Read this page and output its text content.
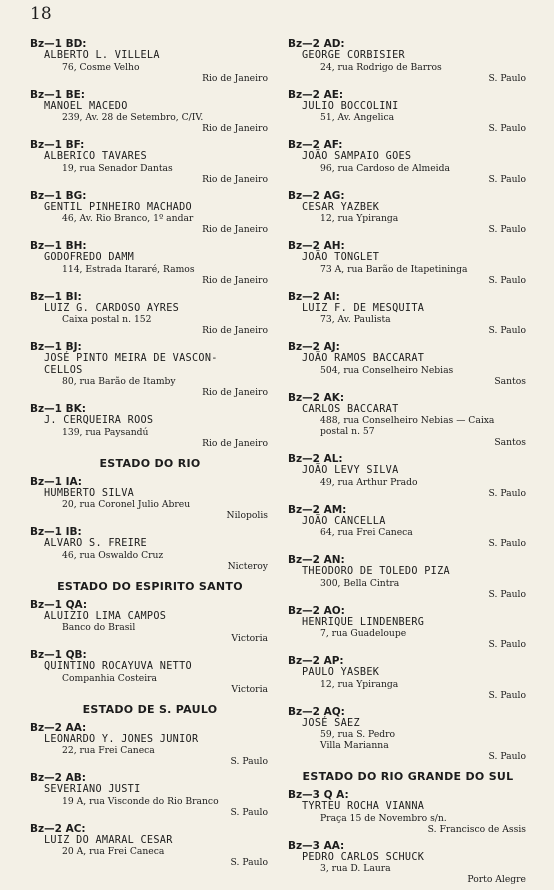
18
Bz—1 BD:
ALBERTO L. VILLELA
76, Cosme Velho
Rio de Janeiro
Bz—1 BE:
MANOEL MACEDO
239, Av. 28 de Setembro, C/IV.
Rio de Janeiro
Bz—1 BF:
ALBERICO TAVARES
19, rua Senador Dantas
Rio de Janeiro
Bz—1 BG:
GENTIL PINHEIRO MACHADO
46, Av. Rio Branco, 1º andar
Rio de Janeiro
Bz—1 BH:
GODOFREDO DAMM
114, Estrada Itararé, Ramos
Rio de Janeiro
Bz—1 BI:
LUIZ G. CARDOSO AYRES
Caixa postal n. 152
Rio de Janeiro
Bz—1 BJ:
JOSÉ PINTO MEIRA DE VASCON-
CELLOS
80, rua Barão de Itamby
Rio de Janeiro
Bz—1 BK:
J. CERQUEIRA ROOS
139, rua Paysandú
Rio de Janeiro
ESTADO DO RIO
Bz—1 IA:
HUMBERTO SILVA
20, rua Coronel Julio Abreu
Nilopolis
Bz—1 IB:
ALVARO S. FREIRE
46, rua Oswaldo Cruz
Nicteroy
ESTADO DO ESPIRITO SANTO
Bz—1 QA:
ALUIZIO LIMA CAMPOS
Banco do Brasil
Victoria
Bz—1 QB:
QUINTINO ROCAYUVA NETTO
Companhia Costeira
Victoria
ESTADO DE S. PAULO
Bz—2 AA:
LEONARDO Y. JONES JUNIOR
22, rua Frei Caneca
S. Paulo
Bz—2 AB:
SEVERIANO JUSTI
19 A, rua Visconde do Rio Branco
S. Paulo
Bz—2 AC:
LUIZ DO AMARAL CESAR
20 A, rua Frei Caneca
S. Paulo
Bz—2 AD:
GEORGE CORBISIER
24, rua Rodrigo de Barros
S. Paulo
Bz—2 AE:
JULIO BOCCOLINI
51, Av. Angelica
S. Paulo
Bz—2 AF:
JOÃO SAMPAIO GOES
96, rua Cardoso de Almeida
S. Paulo
Bz—2 AG:
CESAR YAZBEK
12, rua Ypiranga
S. Paulo
Bz—2 AH:
JOÃO TONGLET
73 A, rua Barão de Itapetininga
S. Paulo
Bz—2 AI:
LUIZ F. DE MESQUITA
73, Av. Paulista
S. Paulo
Bz—2 AJ:
JOÃO RAMOS BACCARAT
504, rua Conselheiro Nebias
Santos
Bz—2 AK:
CARLOS BACCARAT
488, rua Conselheiro Nebias — Caixa
postal n. 57
Santos
Bz—2 AL:
JOÃO LEVY SILVA
49, rua Arthur Prado
S. Paulo
Bz—2 AM:
JOÃO CANCELLA
64, rua Frei Caneca
S. Paulo
Bz—2 AN:
THEODORO DE TOLEDO PIZA
300, Bella Cintra
S. Paulo
Bz—2 AO:
HENRIQUE LINDENBERG
7, rua Guadeloupe
S. Paulo
Bz—2 AP:
PAULO YASBEK
12, rua Ypiranga
S. Paulo
Bz—2 AQ:
JOSÉ SAEZ
59, rua S. Pedro
Villa Marianna
S. Paulo
ESTADO DO RIO GRANDE DO SUL
Bz—3 Q A:
TYRTEU ROCHA VIANNA
Praça 15 de Novembro s/n.
S. Francisco de Assis
Bz—3 AA:
PEDRO CARLOS SCHUCK
3, rua D. Laura
Porto Alegre
